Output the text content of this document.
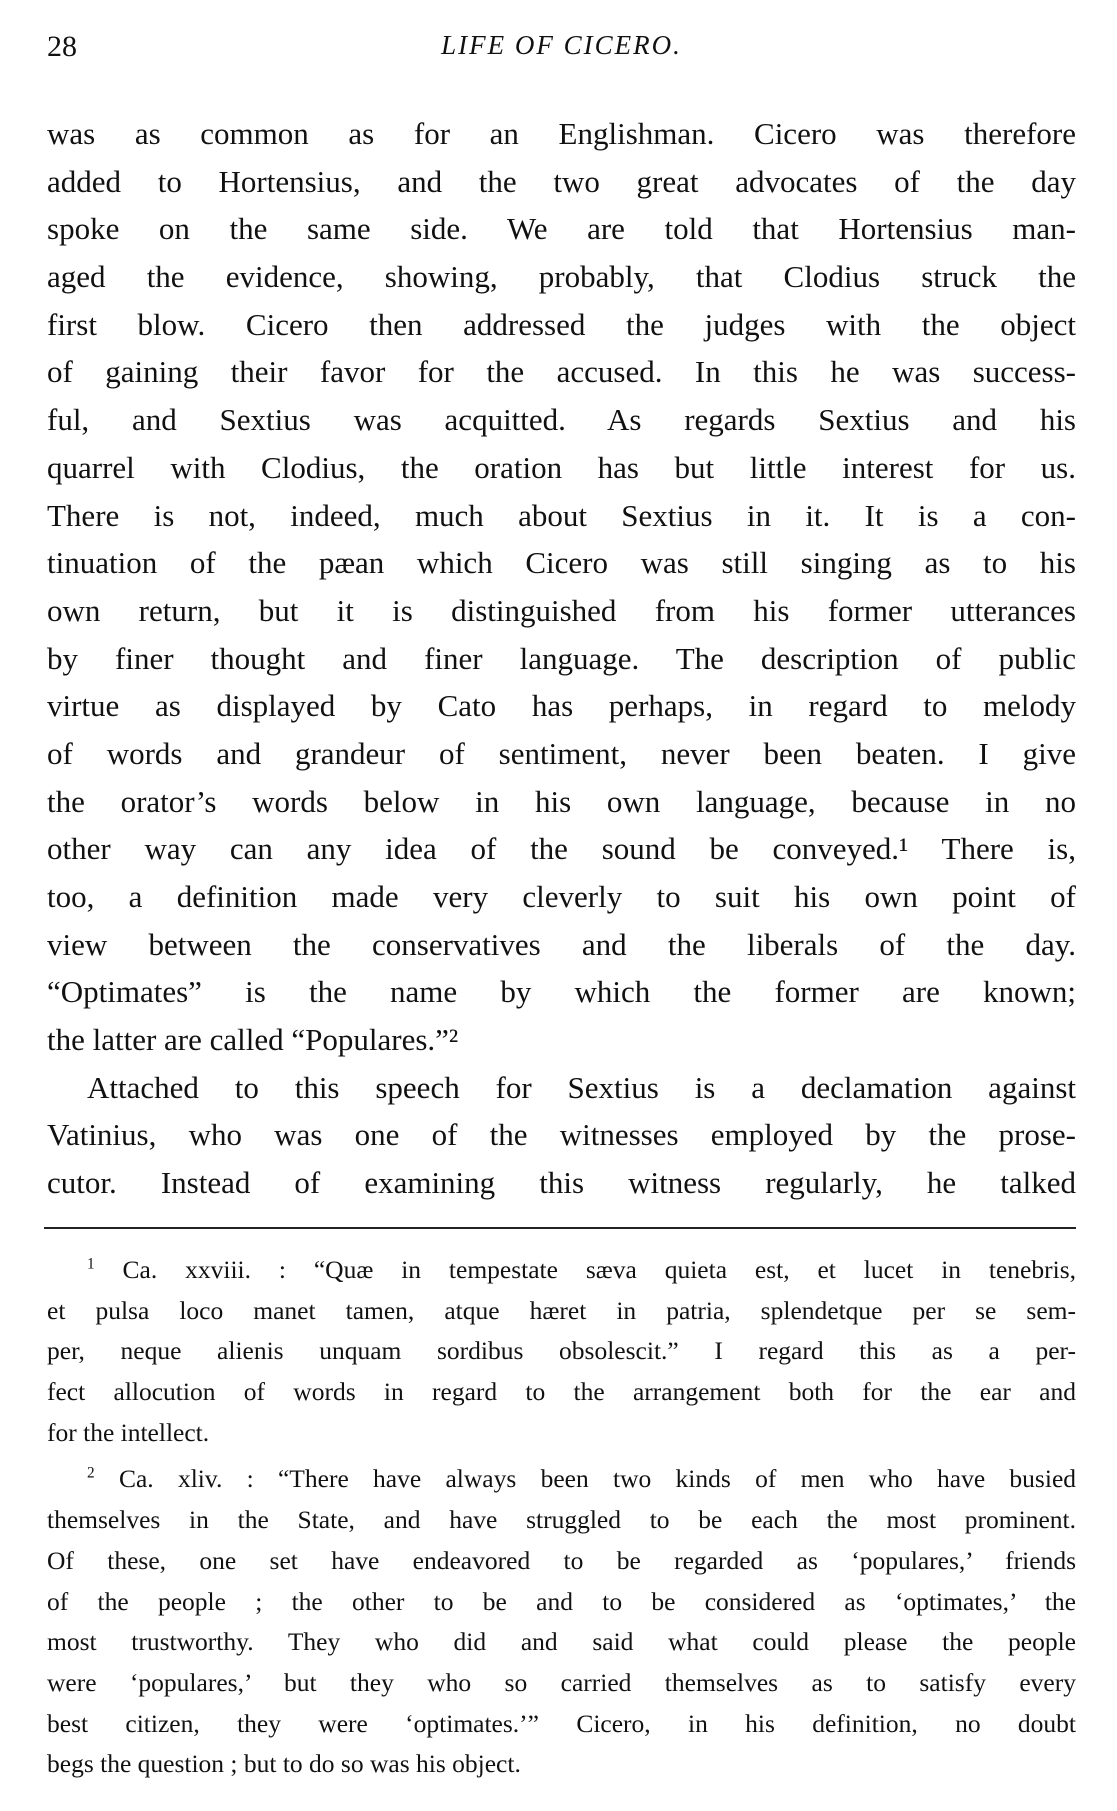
28	LIFE OF CICERO.
was as common as for an Englishman. Cicero was therefore
added to Hortensius, and the two great advocates of the day
spoke on the same side. We are told that Hortensius man-
aged the evidence, showing, probably, that Clodius struck the
first blow. Cicero then addressed the judges with the object
of gaining their favor for the accused. In this he was success-
ful, and Sextius was acquitted. As regards Sextius and his
quarrel with Clodius, the oration has but little interest for us.
There is not, indeed, much about Sextius in it. It is a con-
tinuation of the pæan which Cicero was still singing as to his
own return, but it is distinguished from his former utterances
by finer thought and finer language. The description of public
virtue as displayed by Cato has perhaps, in regard to melody
of words and grandeur of sentiment, never been beaten. I give
the orator’s words below in his own language, because in no
other way can any idea of the sound be conveyed.¹ There is,
too, a definition made very cleverly to suit his own point of
view between the conservatives and the liberals of the day.
“Optimates” is the name by which the former are known;
the latter are called “Populares.”²
Attached to this speech for Sextius is a declamation against
Vatinius, who was one of the witnesses employed by the prose-
cutor. Instead of examining this witness regularly, he talked
$^1$ Ca. xxviii. : “Quæ in tempestate sæva quieta est, et lucet in tenebris,
et pulsa loco manet tamen, atque hæret in patria, splendetque per se sem-
per, neque alienis unquam sordibus obsolescit.” I regard this as a per-
fect allocution of words in regard to the arrangement both for the ear and
for the intellect.
$^2$ Ca. xliv. : “There have always been two kinds of men who have busied
themselves in the State, and have struggled to be each the most prominent.
Of these, one set have endeavored to be regarded as ‘populares,’ friends
of the people ; the other to be and to be considered as ‘optimates,’ the
most trustworthy. They who did and said what could please the people
were ‘populares,’ but they who so carried themselves as to satisfy every
best citizen, they were ‘optimates.’” Cicero, in his definition, no doubt
begs the question ; but to do so was his object.
